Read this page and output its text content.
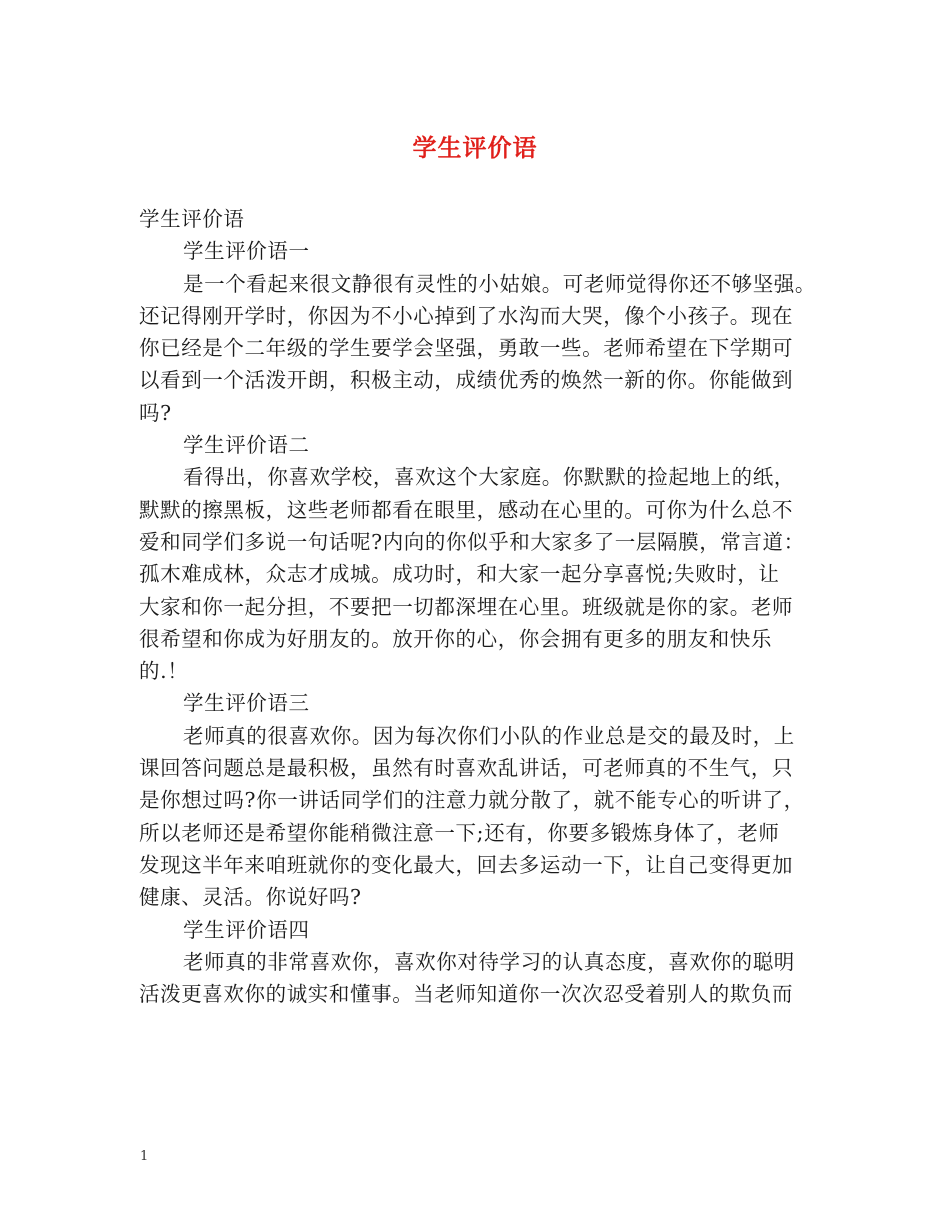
学生评价语
学生评价语
学生评价语一
是一个看起来很文静很有灵性的小姑娘。可老师觉得你还不够坚强。
还记得刚开学时，你因为不小心掉到了水沟而大哭，像个小孩子。现在
你已经是个二年级的学生要学会坚强，勇敢一些。老师希望在下学期可
以看到一个活泼开朗，积极主动，成绩优秀的焕然一新的你。你能做到
吗?
学生评价语二
看得出，你喜欢学校，喜欢这个大家庭。你默默的捡起地上的纸，
默默的擦黑板，这些老师都看在眼里，感动在心里的。可你为什么总不
爱和同学们多说一句话呢?内向的你似乎和大家多了一层隔膜，常言道：
孤木难成林，众志才成城。成功时，和大家一起分享喜悦;失败时，让
大家和你一起分担，不要把一切都深埋在心里。班级就是你的家。老师
很希望和你成为好朋友的。放开你的心，你会拥有更多的朋友和快乐
的.！
学生评价语三
老师真的很喜欢你。因为每次你们小队的作业总是交的最及时，上
课回答问题总是最积极，虽然有时喜欢乱讲话，可老师真的不生气，只
是你想过吗?你一讲话同学们的注意力就分散了，就不能专心的听讲了，
所以老师还是希望你能稍微注意一下;还有，你要多锻炼身体了，老师
发现这半年来咱班就你的变化最大，回去多运动一下，让自己变得更加
健康、灵活。你说好吗?
学生评价语四
老师真的非常喜欢你，喜欢你对待学习的认真态度，喜欢你的聪明
活泼更喜欢你的诚实和懂事。当老师知道你一次次忍受着别人的欺负而
1
